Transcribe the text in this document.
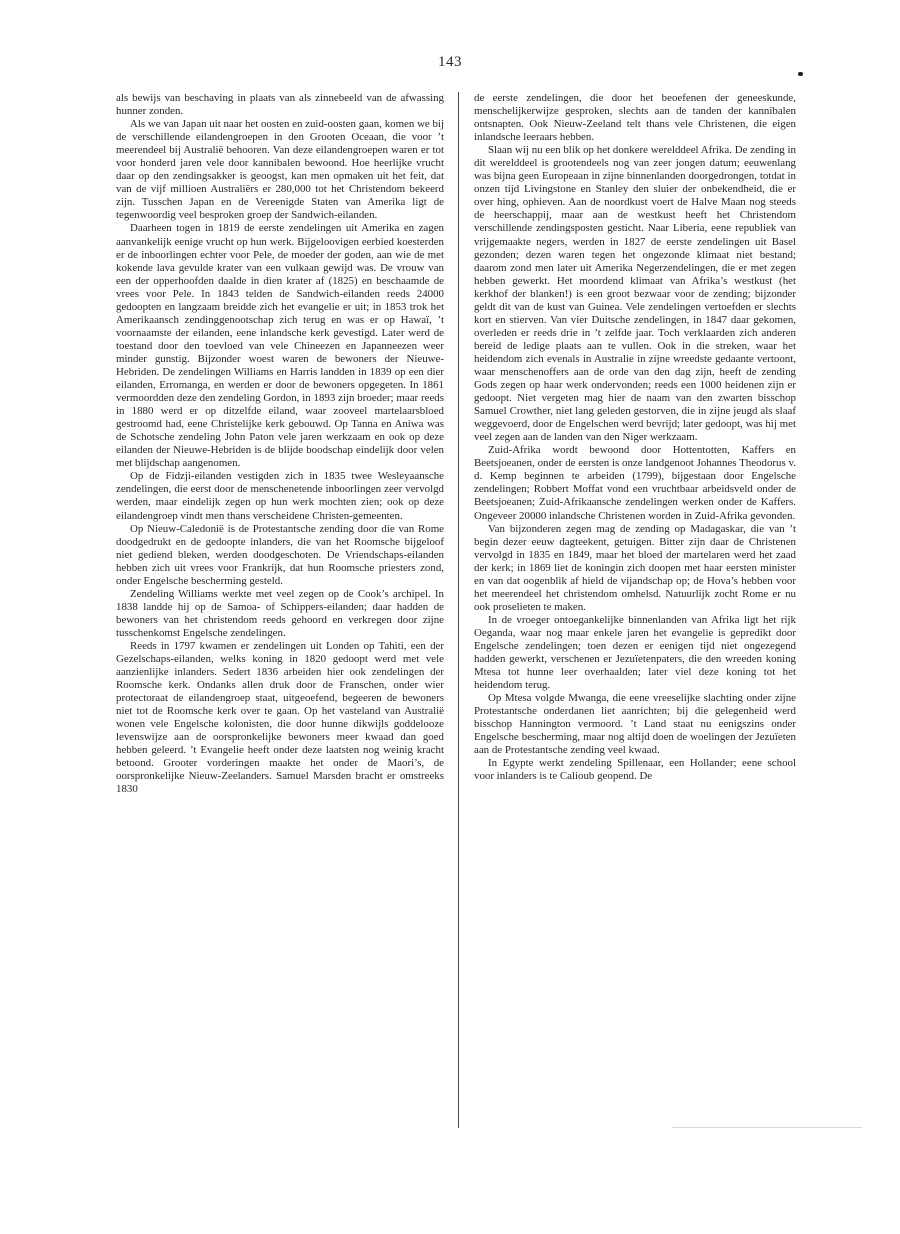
143

als bewijs van beschaving in plaats van als zinnebeeld van de afwassing hunner zonden.

Als we van Japan uit naar het oosten en zuid-oosten gaan, komen we bij de verschillende eilandengroepen in den Grooten Oceaan, die voor ’t meerendeel bij Australië behooren. Van deze eilandengroepen waren er tot voor honderd jaren vele door kannibalen bewoond. Hoe heerlijke vrucht daar op den zendingsakker is geoogst, kan men opmaken uit het feit, dat van de vijf millioen Australiërs er 280,000 tot het Christendom bekeerd zijn. Tusschen Japan en de Vereenigde Staten van Amerika ligt de tegenwoordig veel besproken groep der Sandwich-eilanden.

Daarheen togen in 1819 de eerste zendelingen uit Amerika en zagen aanvankelijk eenige vrucht op hun werk. Bijgeloovigen eerbied koesterden er de inboorlingen echter voor Pele, de moeder der goden, aan wie de met kokende lava gevulde krater van een vulkaan gewijd was. De vrouw van een der opperhoofden daalde in dien krater af (1825) en beschaamde de vrees voor Pele. In 1843 telden de Sandwich-eilanden reeds 24000 gedoopten en langzaam breidde zich het evangelie er uit; in 1853 trok het Amerikaansch zendinggenootschap zich terug en was er op Hawaï, ’t voornaamste der eilanden, eene inlandsche kerk gevestigd. Later werd de toestand door den toevloed van vele Chineezen en Japanneezen weer minder gunstig. Bijzonder woest waren de bewoners der Nieuwe-Hebriden. De zendelingen Williams en Harris landden in 1839 op een dier eilanden, Erromanga, en werden er door de bewoners opgegeten. In 1861 vermoordden deze den zendeling Gordon, in 1893 zijn broeder; maar reeds in 1880 werd er op ditzelfde eiland, waar zooveel martelaarsbloed gestroomd had, eene Christelijke kerk gebouwd. Op Tanna en Aniwa was de Schotsche zendeling John Paton vele jaren werkzaam en ook op deze eilanden der Nieuwe-Hebriden is de blijde boodschap eindelijk door velen met blijdschap aangenomen.

Op de Fidzji-eilanden vestigden zich in 1835 twee Wesleyaansche zendelingen, die eerst door de menschenetende inboorlingen zeer vervolgd werden, maar eindelijk zegen op hun werk mochten zien; ook op deze eilandengroep vindt men thans verscheidene Christen-gemeenten.

Op Nieuw-Caledonië is de Protestantsche zending door die van Rome doodgedrukt en de gedoopte inlanders, die van het Roomsche bijgeloof niet gediend bleken, werden doodgeschoten. De Vriendschaps-eilanden hebben zich uit vrees voor Frankrijk, dat hun Roomsche priesters zond, onder Engelsche bescherming gesteld.

Zendeling Williams werkte met veel zegen op de Cook’s archipel. In 1838 landde hij op de Samoa- of Schippers-eilanden; daar hadden de bewoners van het christendom reeds gehoord en verkregen door zijne tusschenkomst Engelsche zendelingen.

Reeds in 1797 kwamen er zendelingen uit Londen op Tahiti, een der Gezelschaps-eilanden, welks koning in 1820 gedoopt werd met vele aanzienlijke inlanders. Sedert 1836 arbeiden hier ook zendelingen der Roomsche kerk. Ondanks allen druk door de Franschen, onder wier protectoraat de eilandengroep staat, uitgeoefend, begeeren de bewoners niet tot de Roomsche kerk over te gaan. Op het vasteland van Australië wonen vele Engelsche kolonisten, die door hunne dikwijls goddelooze levenswijze aan de oorspronkelijke bewoners meer kwaad dan goed hebben geleerd. ’t Evangelie heeft onder deze laatsten nog weinig kracht betoond. Grooter vorderingen maakte het onder de Maori’s, de oorspronkelijke Nieuw-Zeelanders. Samuel Marsden bracht er omstreeks 1830

de eerste zendelingen, die door het beoefenen der geneeskunde, menschelijkerwijze gesproken, slechts aan de tanden der kannibalen ontsnapten. Ook Nieuw-Zeeland telt thans vele Christenen, die eigen inlandsche leeraars hebben.

Slaan wij nu een blik op het donkere werelddeel Afrika. De zending in dit werelddeel is grootendeels nog van zeer jongen datum; eeuwenlang was bijna geen Europeaan in zijne binnenlanden doorgedrongen, totdat in onzen tijd Livingstone en Stanley den sluier der onbekendheid, die er over hing, ophieven. Aan de noordkust voert de Halve Maan nog steeds de heerschappij, maar aan de westkust heeft het Christendom verschillende zendingsposten gesticht. Naar Liberia, eene republiek van vrijgemaakte negers, werden in 1827 de eerste zendelingen uit Basel gezonden; dezen waren tegen het ongezonde klimaat niet bestand; daarom zond men later uit Amerika Negerzendelingen, die er met zegen hebben gewerkt. Het moordend klimaat van Afrika’s westkust (het kerkhof der blanken!) is een groot bezwaar voor de zending; bijzonder geldt dit van de kust van Guinea. Vele zendelingen vertoefden er slechts kort en stierven. Van vier Duitsche zendelingen, in 1847 daar gekomen, overleden er reeds drie in ’t zelfde jaar. Toch verklaarden zich anderen bereid de ledige plaats aan te vullen. Ook in die streken, waar het heidendom zich evenals in Australie in zijne wreedste gedaante vertoont, waar menschenoffers aan de orde van den dag zijn, heeft de zending Gods zegen op haar werk ondervonden; reeds een 1000 heidenen zijn er gedoopt. Niet vergeten mag hier de naam van den zwarten bisschop Samuel Crowther, niet lang geleden gestorven, die in zijne jeugd als slaaf weggevoerd, door de Engelschen werd bevrijd; later gedoopt, was hij met veel zegen aan de landen van den Niger werkzaam.

Zuid-Afrika wordt bewoond door Hottentotten, Kaffers en Beetsjoeanen, onder de eersten is onze landgenoot Johannes Theodorus v. d. Kemp beginnen te arbeiden (1799), bijgestaan door Engelsche zendelingen; Robbert Moffat vond een vruchtbaar arbeidsveld onder de Beetsjoeanen; Zuid-Afrikaansche zendelingen werken onder de Kaffers. Ongeveer 20000 inlandsche Christenen worden in Zuid-Afrika gevonden.

Van bijzonderen zegen mag de zending op Madagaskar, die van ’t begin dezer eeuw dagteekent, getuigen. Bitter zijn daar de Christenen vervolgd in 1835 en 1849, maar het bloed der martelaren werd het zaad der kerk; in 1869 liet de koningin zich doopen met haar eersten minister en van dat oogenblik af hield de vijandschap op; de Hova’s hebben voor het meerendeel het christendom omhelsd. Natuurlijk zocht Rome er nu ook proselieten te maken.

In de vroeger ontoegankelijke binnenlanden van Afrika ligt het rijk Oeganda, waar nog maar enkele jaren het evangelie is gepredikt door Engelsche zendelingen; toen dezen er eenigen tijd niet ongezegend hadden gewerkt, verschenen er Jezuïetenpaters, die den wreeden koning Mtesa tot hunne leer overhaalden; later viel deze koning tot het heidendom terug.

Op Mtesa volgde Mwanga, die eene vreeselijke slachting onder zijne Protestantsche onderdanen liet aanrichten; bij die gelegenheid werd bisschop Hannington vermoord. ’t Land staat nu eenigszins onder Engelsche bescherming, maar nog altijd doen de woelingen der Jezuïeten aan de Protestantsche zending veel kwaad.

In Egypte werkt zendeling Spillenaar, een Hollander; eene school voor inlanders is te Calioub geopend. De
